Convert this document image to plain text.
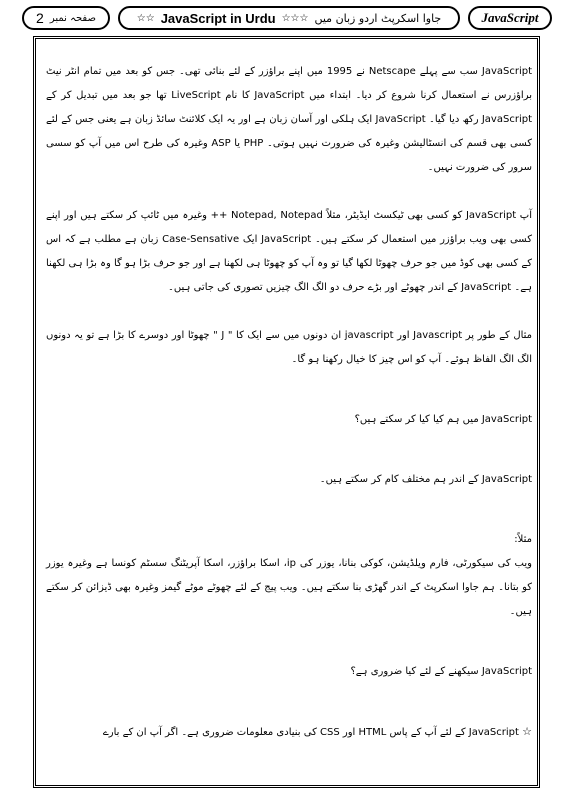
2 صفحہ نمبر	جاوا اسکرپٹ اردو زبان میں
☆☆☆
JavaScript in Urdu
☆☆	JavaScript

JavaScript سب سے پہلے Netscape نے 1995 میں اپنے براؤزر کے لئے بنائی تھی۔ جس کو بعد میں تمام انٹر نیٹ براؤزرس نے استعمال کرنا شروع کر دیا۔ ابتداء میں JavaScript کا نام LiveScript تھا جو بعد میں تبدیل کر کے JavaScript رکھ دیا گیا۔ JavaScript ایک ہلکی اور آسان زبان ہے اور یہ ایک کلائنٹ سائڈ زبان ہے یعنی جس کے لئے کسی بھی قسم کی انسٹالیشن وغیرہ کی ضرورت نہیں ہوتی۔ PHP یا ASP وغیرہ کی طرح اس میں آپ کو سسی سرور کی ضرورت نہیں۔

آپ JavaScript کو کسی بھی ٹیکسٹ ایڈیٹر، مثلاً Notepad, Notepad ++ وغیرہ میں ٹائپ کر سکتے ہیں اور اپنے کسی بھی ویب براؤزر میں استعمال کر سکتے ہیں۔ JavaScript ایک Case-Sensative زبان ہے مطلب ہے کہ اس کے کسی بھی کوڈ میں جو حرف چھوٹا لکھا گیا تو وہ آپ کو چھوٹا ہی لکھنا ہے اور جو حرف بڑا ہو گا وہ بڑا ہی لکھنا ہے۔ JavaScript کے اندر چھوٹے اور بڑے حرف دو الگ الگ چیزیں تصوری کی جاتی ہیں۔

مثال کے طور پر Javascript اور javascript ان دونوں میں سے ایک کا " J " چھوٹا اور دوسرے کا بڑا ہے تو یہ دونوں الگ الگ الفاظ ہوئے۔ آپ کو اس چیز کا خیال رکھنا ہو گا۔

JavaScript میں ہم کیا کیا کر سکتے ہیں؟

JavaScript کے اندر ہم مختلف کام کر سکتے ہیں۔

مثلاً:

ویب کی سیکورٹی، فارم ویلڈیشن، کوکی بنانا، یوزر کی ip، اسکا براؤزر، اسکا آپریٹنگ سسٹم کونسا ہے وغیرہ یوزر کو بتانا۔ ہم جاوا اسکرپٹ کے اندر گھڑی بنا سکتے ہیں۔ ویب پیج کے لئے چھوٹے موٹے گیمز وغیرہ بھی ڈیزائن کر سکتے ہیں۔

JavaScript سیکھنے کے لئے کیا ضروری ہے؟

☆ JavaScript کے لئے آپ کے پاس HTML اور CSS کی بنیادی معلومات ضروری ہے۔ اگر آپ ان کے بارے
